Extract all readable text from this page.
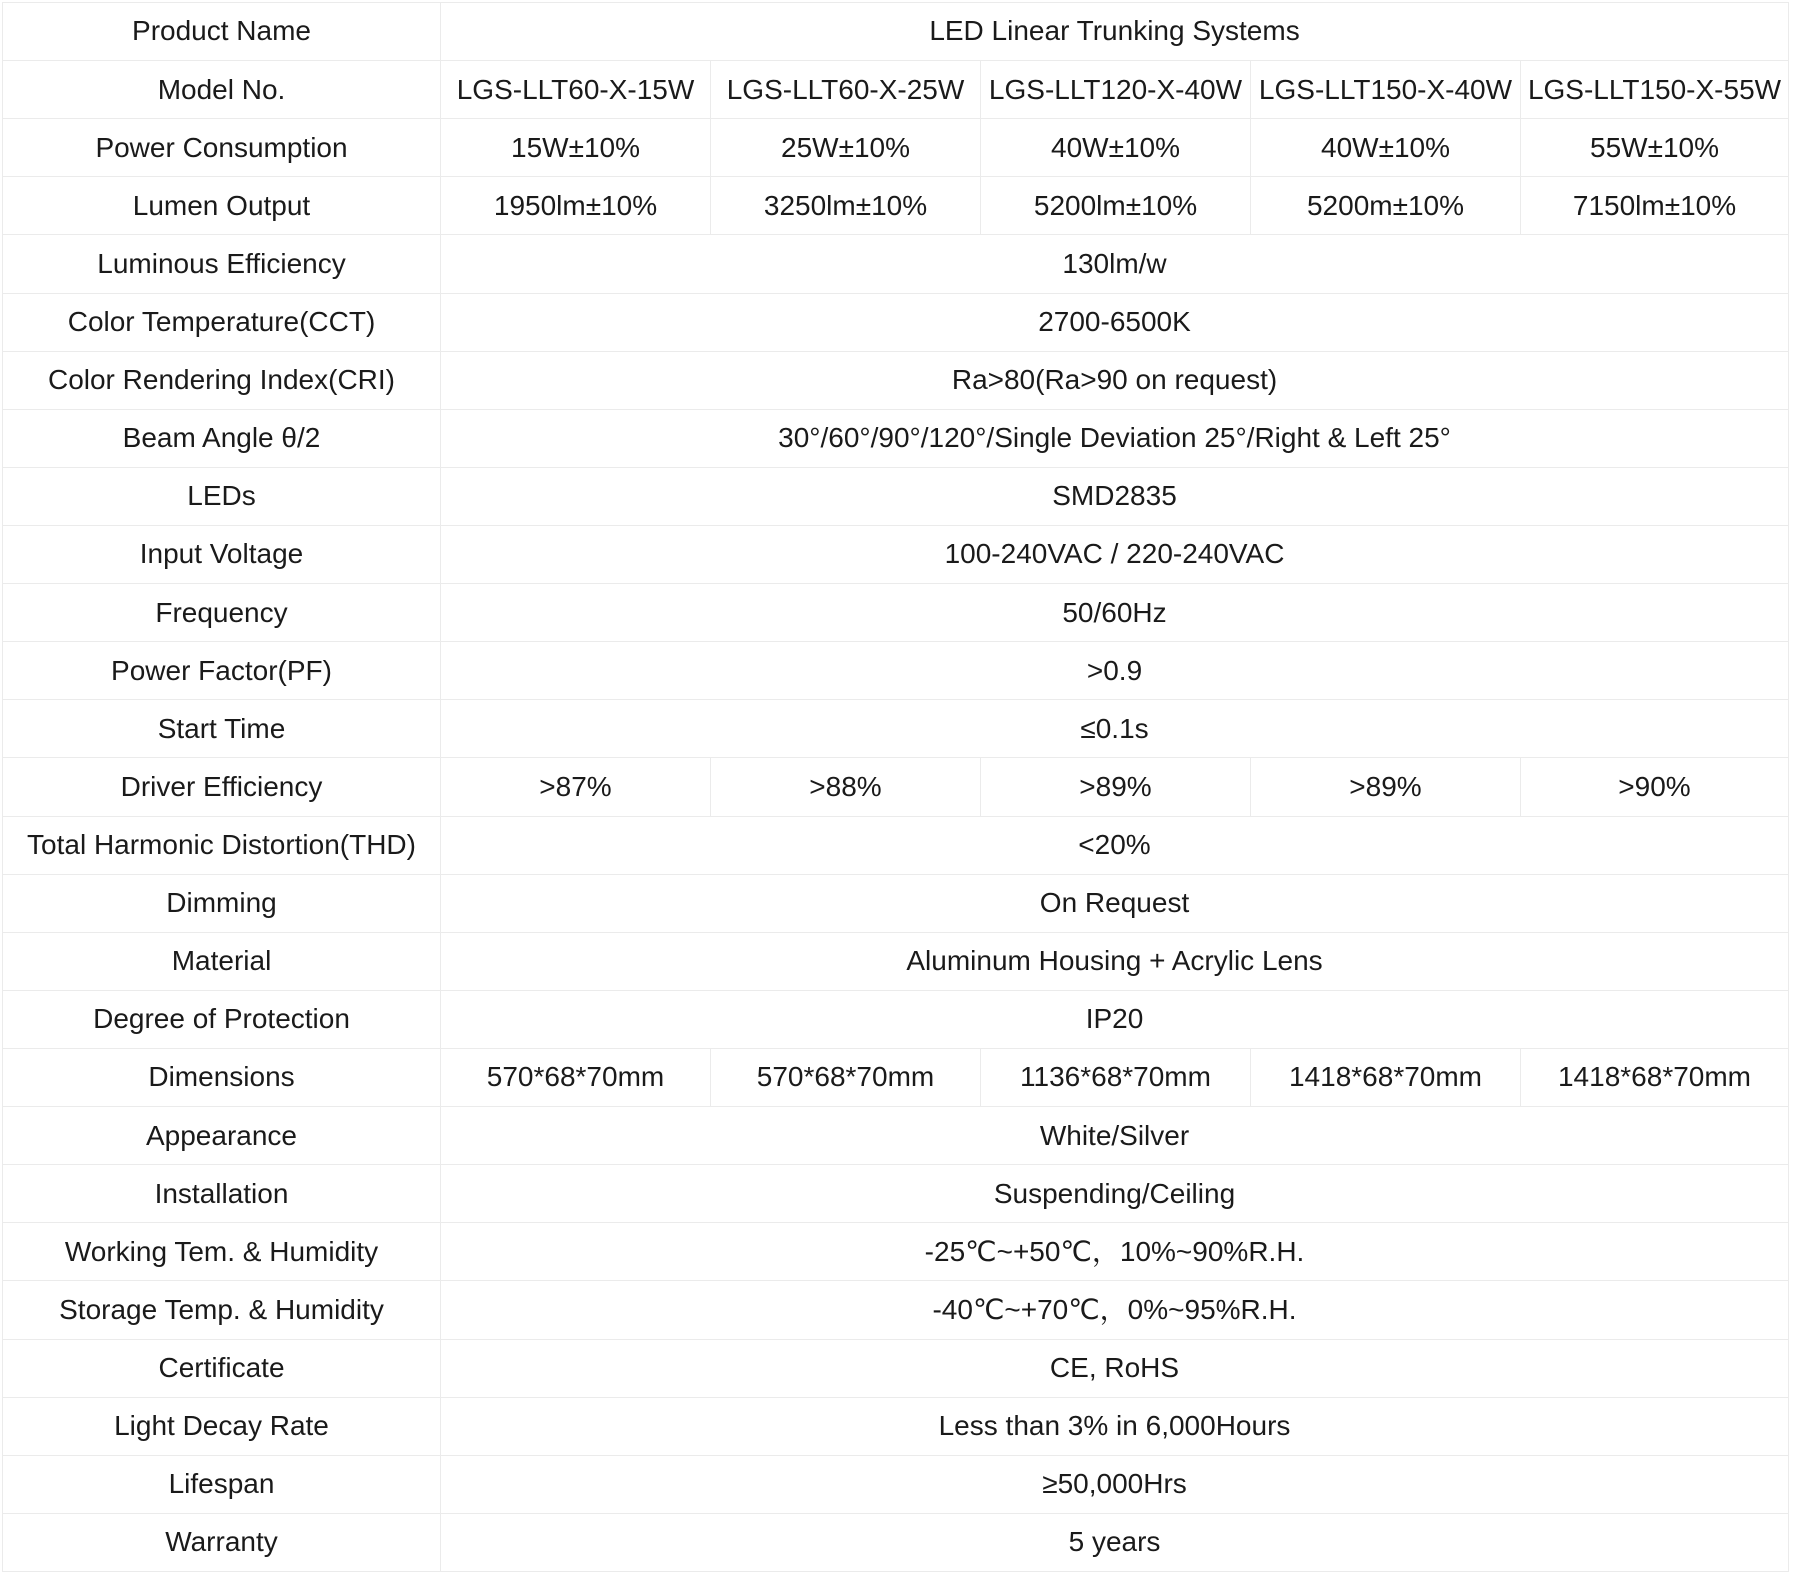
Product Name	LED Linear Trunking Systems				
Model No.	LGS-LLT60-X-15W	LGS-LLT60-X-25W	LGS-LLT120-X-40W	LGS-LLT150-X-40W	LGS-LLT150-X-55W
Power Consumption	15W±10%	25W±10%	40W±10%	40W±10%	55W±10%
Lumen Output	1950lm±10%	3250lm±10%	5200lm±10%	5200m±10%	7150lm±10%
Luminous Efficiency	130lm/w				
Color Temperature(CCT)	2700-6500K				
Color Rendering Index(CRI)	Ra>80(Ra>90 on request)				
Beam Angle θ/2	30°/60°/90°/120°/Single Deviation 25°/Right & Left 25°				
LEDs	SMD2835				
Input Voltage	100-240VAC / 220-240VAC				
Frequency	50/60Hz				
Power Factor(PF)	>0.9				
Start Time	≤0.1s				
Driver Efficiency	>87%	>88%	>89%	>89%	>90%
Total Harmonic Distortion(THD)	<20%				
Dimming	On Request				
Material	Aluminum Housing + Acrylic Lens				
Degree of Protection	IP20				
Dimensions	570*68*70mm	570*68*70mm	1136*68*70mm	1418*68*70mm	1418*68*70mm
Appearance	White/Silver				
Installation	Suspending/Ceiling				
Working Tem. & Humidity	-25℃~+50℃，10%~90%R.H.				
Storage Temp. & Humidity	-40℃~+70℃，0%~95%R.H.				
Certificate	CE, RoHS				
Light Decay Rate	Less than 3% in 6,000Hours				
Lifespan	≥50,000Hrs				
Warranty	5 years				
